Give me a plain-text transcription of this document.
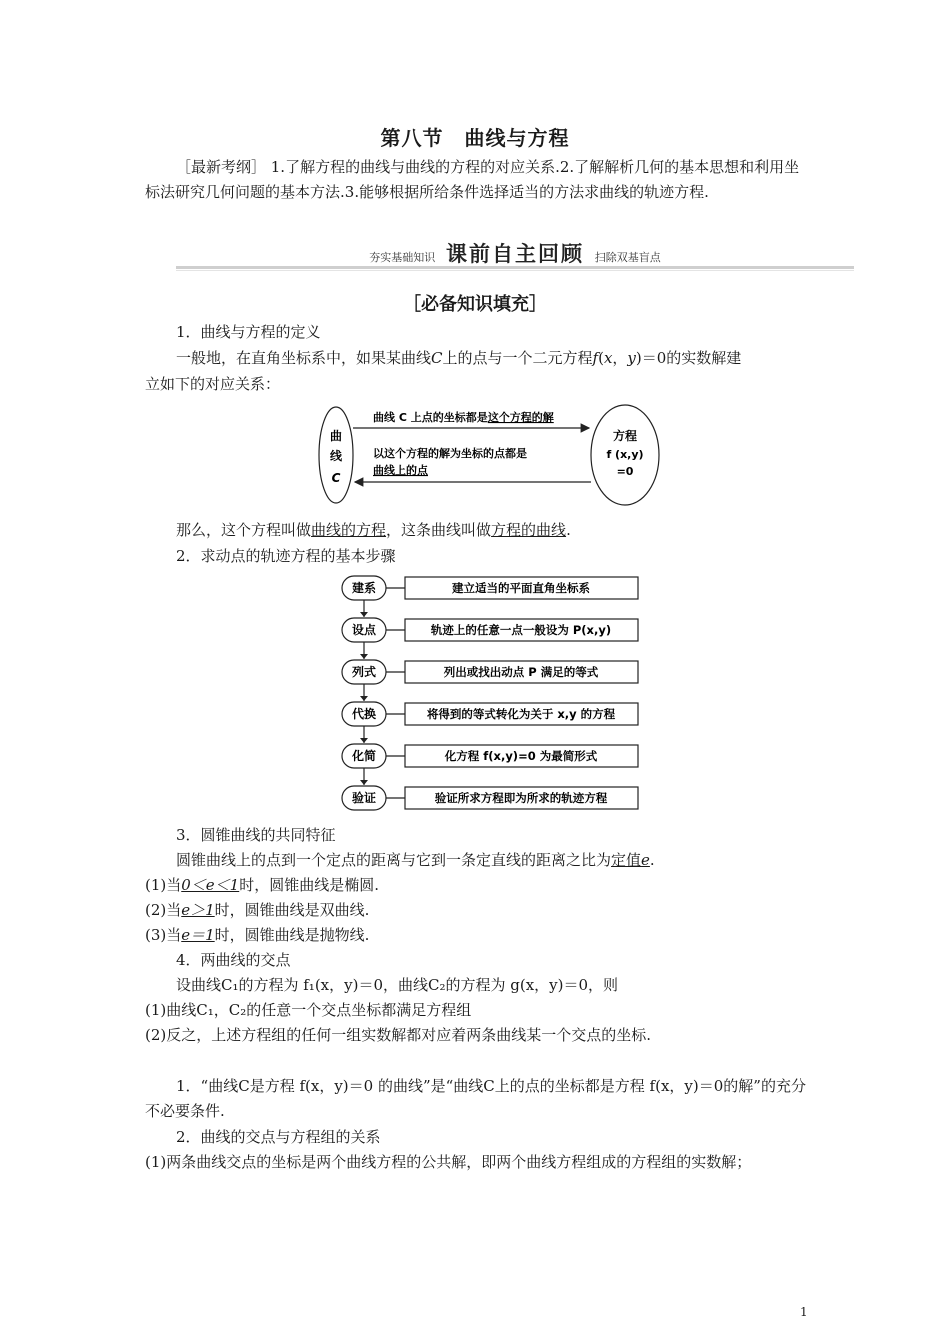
第八节　曲线与方程
［最新考纲］ 1.了解方程的曲线与曲线的方程的对应关系.2.了解解析几何的基本思想和利用坐标法研究几何问题的基本方法.3.能够根据所给条件选择适当的方法求曲线的轨迹方程.
夯实基础知识 课前自主回顾 扫除双基盲点
［必备知识填充］
1．曲线与方程的定义
一般地，在直角坐标系中，如果某曲线C上的点与一个二元方程f(x，y)＝0的实数解建
立如下的对应关系：
曲
线
C
方程
f (x,y)
=0
曲线 C 上点的坐标都是这个方程的解
以这个方程的解为坐标的点都是
曲线上的点
那么，这个方程叫做曲线的方程，这条曲线叫做方程的曲线.
2．求动点的轨迹方程的基本步骤
建系	建立适当的平面直角坐标系
设点	轨迹上的任意一点一般设为 P(x,y)
列式	列出或找出动点 P 满足的等式
代换	将得到的等式转化为关于 x,y 的方程
化简	化方程 f(x,y)=0 为最简形式
验证	验证所求方程即为所求的轨迹方程
3．圆锥曲线的共同特征
圆锥曲线上的点到一个定点的距离与它到一条定直线的距离之比为定值e.
(1)当0＜e＜1时，圆锥曲线是椭圆.
(2)当e＞1时，圆锥曲线是双曲线.
(3)当e＝1时，圆锥曲线是抛物线.
4．两曲线的交点
设曲线C₁的方程为 f₁(x，y)＝0，曲线C₂的方程为 g(x，y)＝0，则
(1)曲线C₁，C₂的任意一个交点坐标都满足方程组
(2)反之，上述方程组的任何一组实数解都对应着两条曲线某一个交点的坐标.
1．“曲线C是方程 f(x，y)＝0 的曲线”是“曲线C上的点的坐标都是方程 f(x，y)＝0的解”的充分不必要条件.
2．曲线的交点与方程组的关系
(1)两条曲线交点的坐标是两个曲线方程的公共解，即两个曲线方程组成的方程组的实数解；
1
